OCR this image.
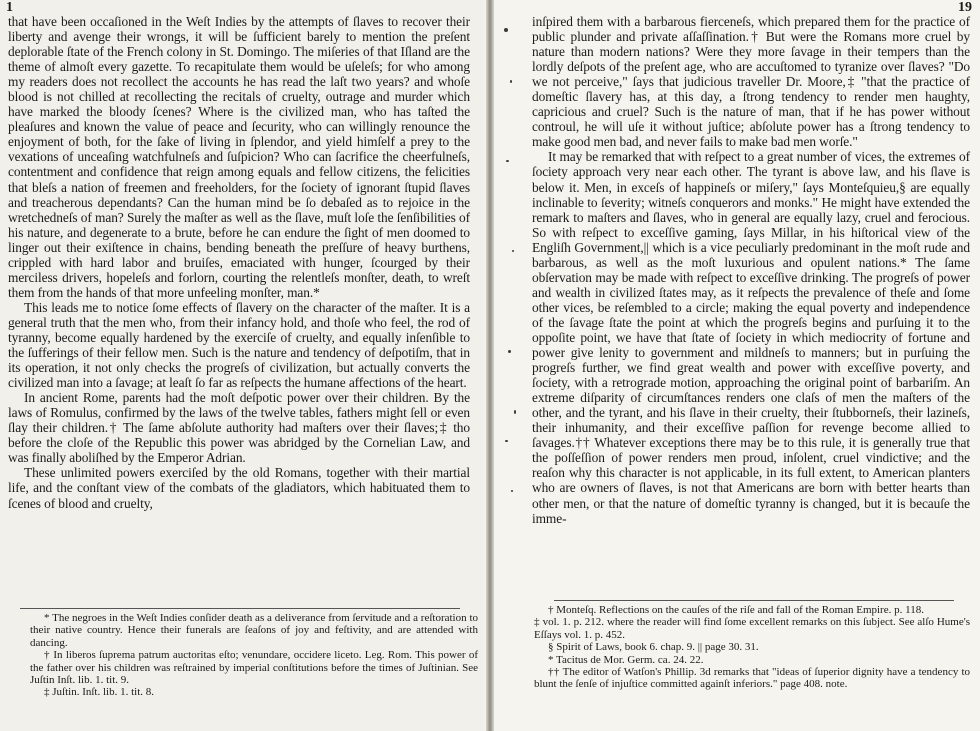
1

that have been occaſioned in the Weſt Indies by the attempts of ſlaves to recover their liberty and avenge their wrongs, it will be ſufficient barely to mention the preſent deplorable ſtate of the French colony in St. Domingo. The miſeries of that Iſland are the theme of almoſt every gazette. To recapitulate them would be uſeleſs; for who among my readers does not recollect the accounts he has read the laſt two years? and whoſe blood is not chilled at recollecting the recitals of cruelty, outrage and murder which have marked the bloody ſcenes? Where is the civilized man, who has taſted the pleaſures and known the value of peace and ſecurity, who can willingly renounce the enjoyment of both, for the ſake of living in ſplendor, and yield himſelf a prey to the vexations of unceaſing watchfulneſs and ſuſpicion? Who can ſacrifice the cheerfulneſs, contentment and confidence that reign among equals and fellow citizens, the felicities that bleſs a nation of freemen and freeholders, for the ſociety of ignorant ſtupid ſlaves and treacherous dependants? Can the human mind be ſo debaſed as to rejoice in the wretchedneſs of man? Surely the maſter as well as the ſlave, muſt loſe the ſenſibilities of his nature, and degenerate to a brute, before he can endure the ſight of men doomed to linger out their exiſtence in chains, bending beneath the preſſure of heavy burthens, crippled with hard labor and bruiſes, emaciated with hunger, ſcourged by their merciless drivers, hopeleſs and forlorn, courting the relentleſs monſter, death, to wreſt them from the hands of that more unfeeling monſter, man.*

This leads me to notice ſome effects of ſlavery on the character of the maſter. It is a general truth that the men who, from their infancy hold, and thoſe who feel, the rod of tyranny, become equally hardened by the exerciſe of cruelty, and equally inſenſible to the ſufferings of their fellow men. Such is the nature and tendency of deſpotiſm, that in its operation, it not only checks the progreſs of civilization, but actually converts the civilized man into a ſavage; at leaſt ſo far as reſpects the humane affections of the heart.

In ancient Rome, parents had the moſt deſpotic power over their children. By the laws of Romulus, confirmed by the laws of the twelve tables, fathers might ſell or even ſlay their children.† The ſame abſolute authority had maſters over their ſlaves;‡ tho before the cloſe of the Republic this power was abridged by the Cornelian Law, and was finally aboliſhed by the Emperor Adrian.

These unlimited powers exerciſed by the old Romans, together with their martial life, and the conſtant view of the combats of the gladiators, which habituated them to ſcenes of blood and cruelty,

* The negroes in the Weſt Indies conſider death as a deliverance from ſervitude and a reſtoration to their native country. Hence their funerals are ſeaſons of joy and feſtivity, and are attended with dancing.

† In liberos ſuprema patrum auctoritas eſto; venundare, occidere liceto. Leg. Rom. This power of the father over his children was reſtrained by imperial conſtitutions before the times of Juſtinian. See Juſtin Inſt. lib. 1. tit. 9.

‡ Juſtin. Inſt. lib. 1. tit. 8.

19

inſpired them with a barbarous fierceneſs, which prepared them for the practice of public plunder and private aſſaſſination.† But were the Romans more cruel by nature than modern nations? Were they more ſavage in their tempers than the lordly deſpots of the preſent age, who are accuſtomed to tyranize over ſlaves? "Do we not perceive," ſays that judicious traveller Dr. Moore,‡ "that the practice of domeſtic ſlavery has, at this day, a ſtrong tendency to render men haughty, capricious and cruel? Such is the nature of man, that if he has power without controul, he will uſe it without juſtice; abſolute power has a ſtrong tendency to make good men bad, and never fails to make bad men worſe."

It may be remarked that with reſpect to a great number of vices, the extremes of ſociety approach very near each other. The tyrant is above law, and his ſlave is below it. Men, in exceſs of happineſs or miſery," ſays Monteſquieu,§ are equally inclinable to ſeverity; witneſs conquerors and monks." He might have extended the remark to maſters and ſlaves, who in general are equally lazy, cruel and ferocious. So with reſpect to exceſſive gaming, ſays Millar, in his hiſtorical view of the Engliſh Government,|| which is a vice peculiarly predominant in the moſt rude and barbarous, as well as the moſt luxurious and opulent nations.* The ſame obſervation may be made with reſpect to exceſſive drinking. The progreſs of power and wealth in civilized ſtates may, as it reſpects the prevalence of theſe and ſome other vices, be reſembled to a circle; making the equal poverty and independence of the ſavage ſtate the point at which the progreſs begins and purſuing it to the oppoſite point, we have that ſtate of ſociety in which mediocrity of fortune and power give lenity to government and mildneſs to manners; but in purſuing the progreſs further, we find great wealth and power with exceſſive poverty, and ſociety, with a retrograde motion, approaching the original point of barbariſm. An extreme diſparity of circumſtances renders one claſs of men the maſters of the other, and the tyrant, and his ſlave in their cruelty, their ſtubborneſs, their lazineſs, their inhumanity, and their exceſſive paſſion for revenge become allied to ſavages.†† Whatever exceptions there may be to this rule, it is generally true that the poſſeſſion of power renders men proud, inſolent, cruel vindictive; and the reaſon why this character is not applicable, in its full extent, to American planters who are owners of ſlaves, is not that Americans are born with better hearts than other men, or that the nature of domeſtic tyranny is changed, but it is becauſe the imme-

† Monteſq. Reflections on the cauſes of the riſe and fall of the Roman Empire. p. 118.

‡ vol. 1. p. 212. where the reader will find ſome excellent remarks on this ſubject. See alſo Hume's Eſſays vol. 1. p. 452.

§ Spirit of Laws, book 6. chap. 9. || page 30. 31.

* Tacitus de Mor. Germ. ca. 24. 22.

†† The editor of Watſon's Phillip. 3d remarks that "ideas of ſuperior dignity have a tendency to blunt the ſenſe of injuſtice committed againſt inferiors." page 408. note.
